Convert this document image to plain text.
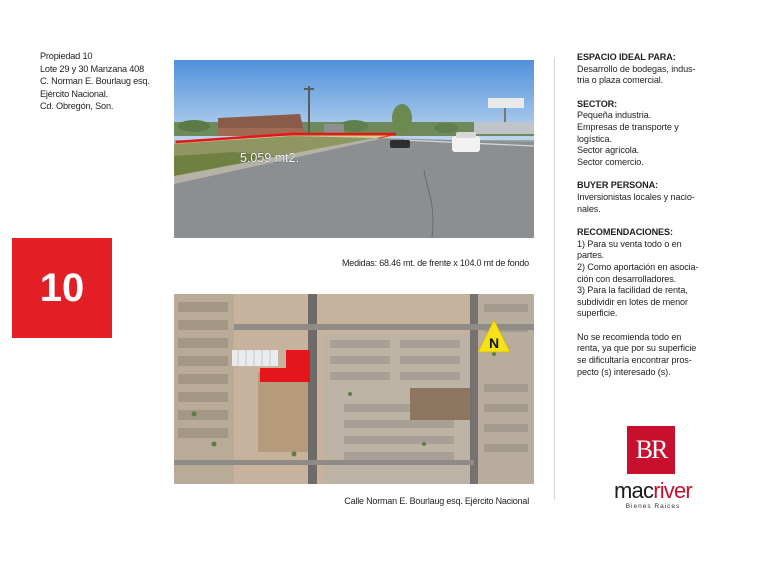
Propiedad 10
Lote 29 y 30 Manzana 408
C. Norman E. Bourlaug esq.
Ejército Nacional.
Cd. Obregón, Son.
10
5,059 mt2.
Medidas: 68.46 mt. de frente x 104.0 mt de fondo
N
Calle Norman E. Bourlaug esq. Ejército Nacional
ESPACIO IDEAL PARA:
Desarrollo de bodegas, indus-
tria o plaza comercial.
SECTOR:
Pequeña industria.
Empresas de transporte y
logística.
Sector agrícola.
Sector comercio.
BUYER PERSONA:
Inversionistas locales y nacio-
nales.
RECOMENDACIONES:
1) Para su venta todo o en
partes.
2) Como aportación en asocia-
ción con desarrolladores.
3) Para la facilidad de renta,
subdividir en lotes de menor
superficie.
No se recomienda todo en
renta, ya que por su superficie
se dificultaría encontrar pros-
pecto (s) interesado (s).
BR
macriver
Bienes Raices
